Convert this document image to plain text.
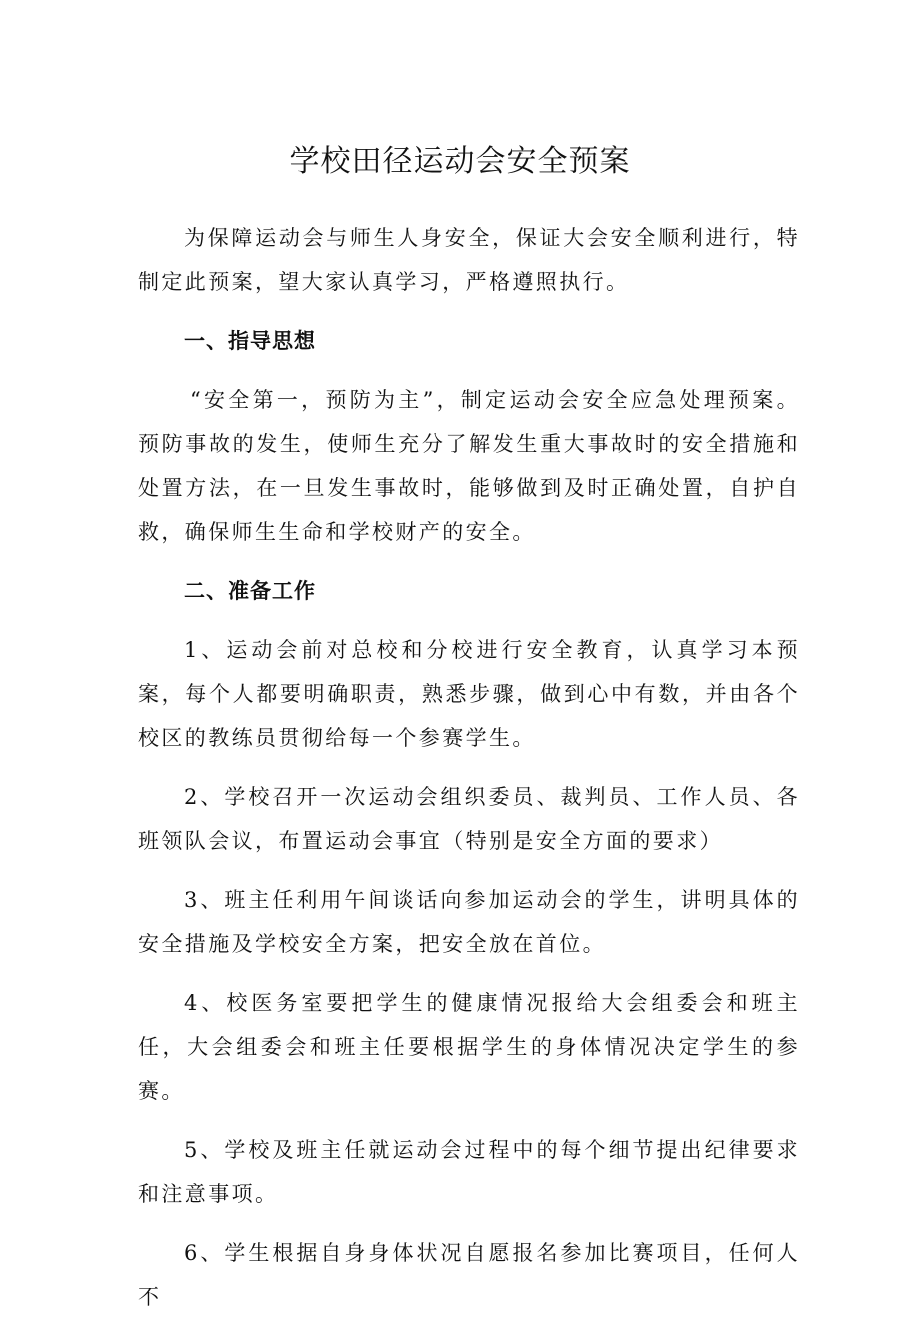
学校田径运动会安全预案

为保障运动会与师生人身安全，保证大会安全顺利进行，特制定此预案，望大家认真学习，严格遵照执行。

一、指导思想

“安全第一，预防为主”，制定运动会安全应急处理预案。预防事故的发生，使师生充分了解发生重大事故时的安全措施和处置方法，在一旦发生事故时，能够做到及时正确处置，自护自救，确保师生生命和学校财产的安全。

二、准备工作

1、运动会前对总校和分校进行安全教育，认真学习本预案，每个人都要明确职责，熟悉步骤，做到心中有数，并由各个校区的教练员贯彻给每一个参赛学生。

2、学校召开一次运动会组织委员、裁判员、工作人员、各班领队会议，布置运动会事宜（特别是安全方面的要求）

3、班主任利用午间谈话向参加运动会的学生，讲明具体的安全措施及学校安全方案，把安全放在首位。

4、校医务室要把学生的健康情况报给大会组委会和班主任，大会组委会和班主任要根据学生的身体情况决定学生的参赛。

5、学校及班主任就运动会过程中的每个细节提出纪律要求和注意事项。

6、学生根据自身身体状况自愿报名参加比赛项目，任何人不
